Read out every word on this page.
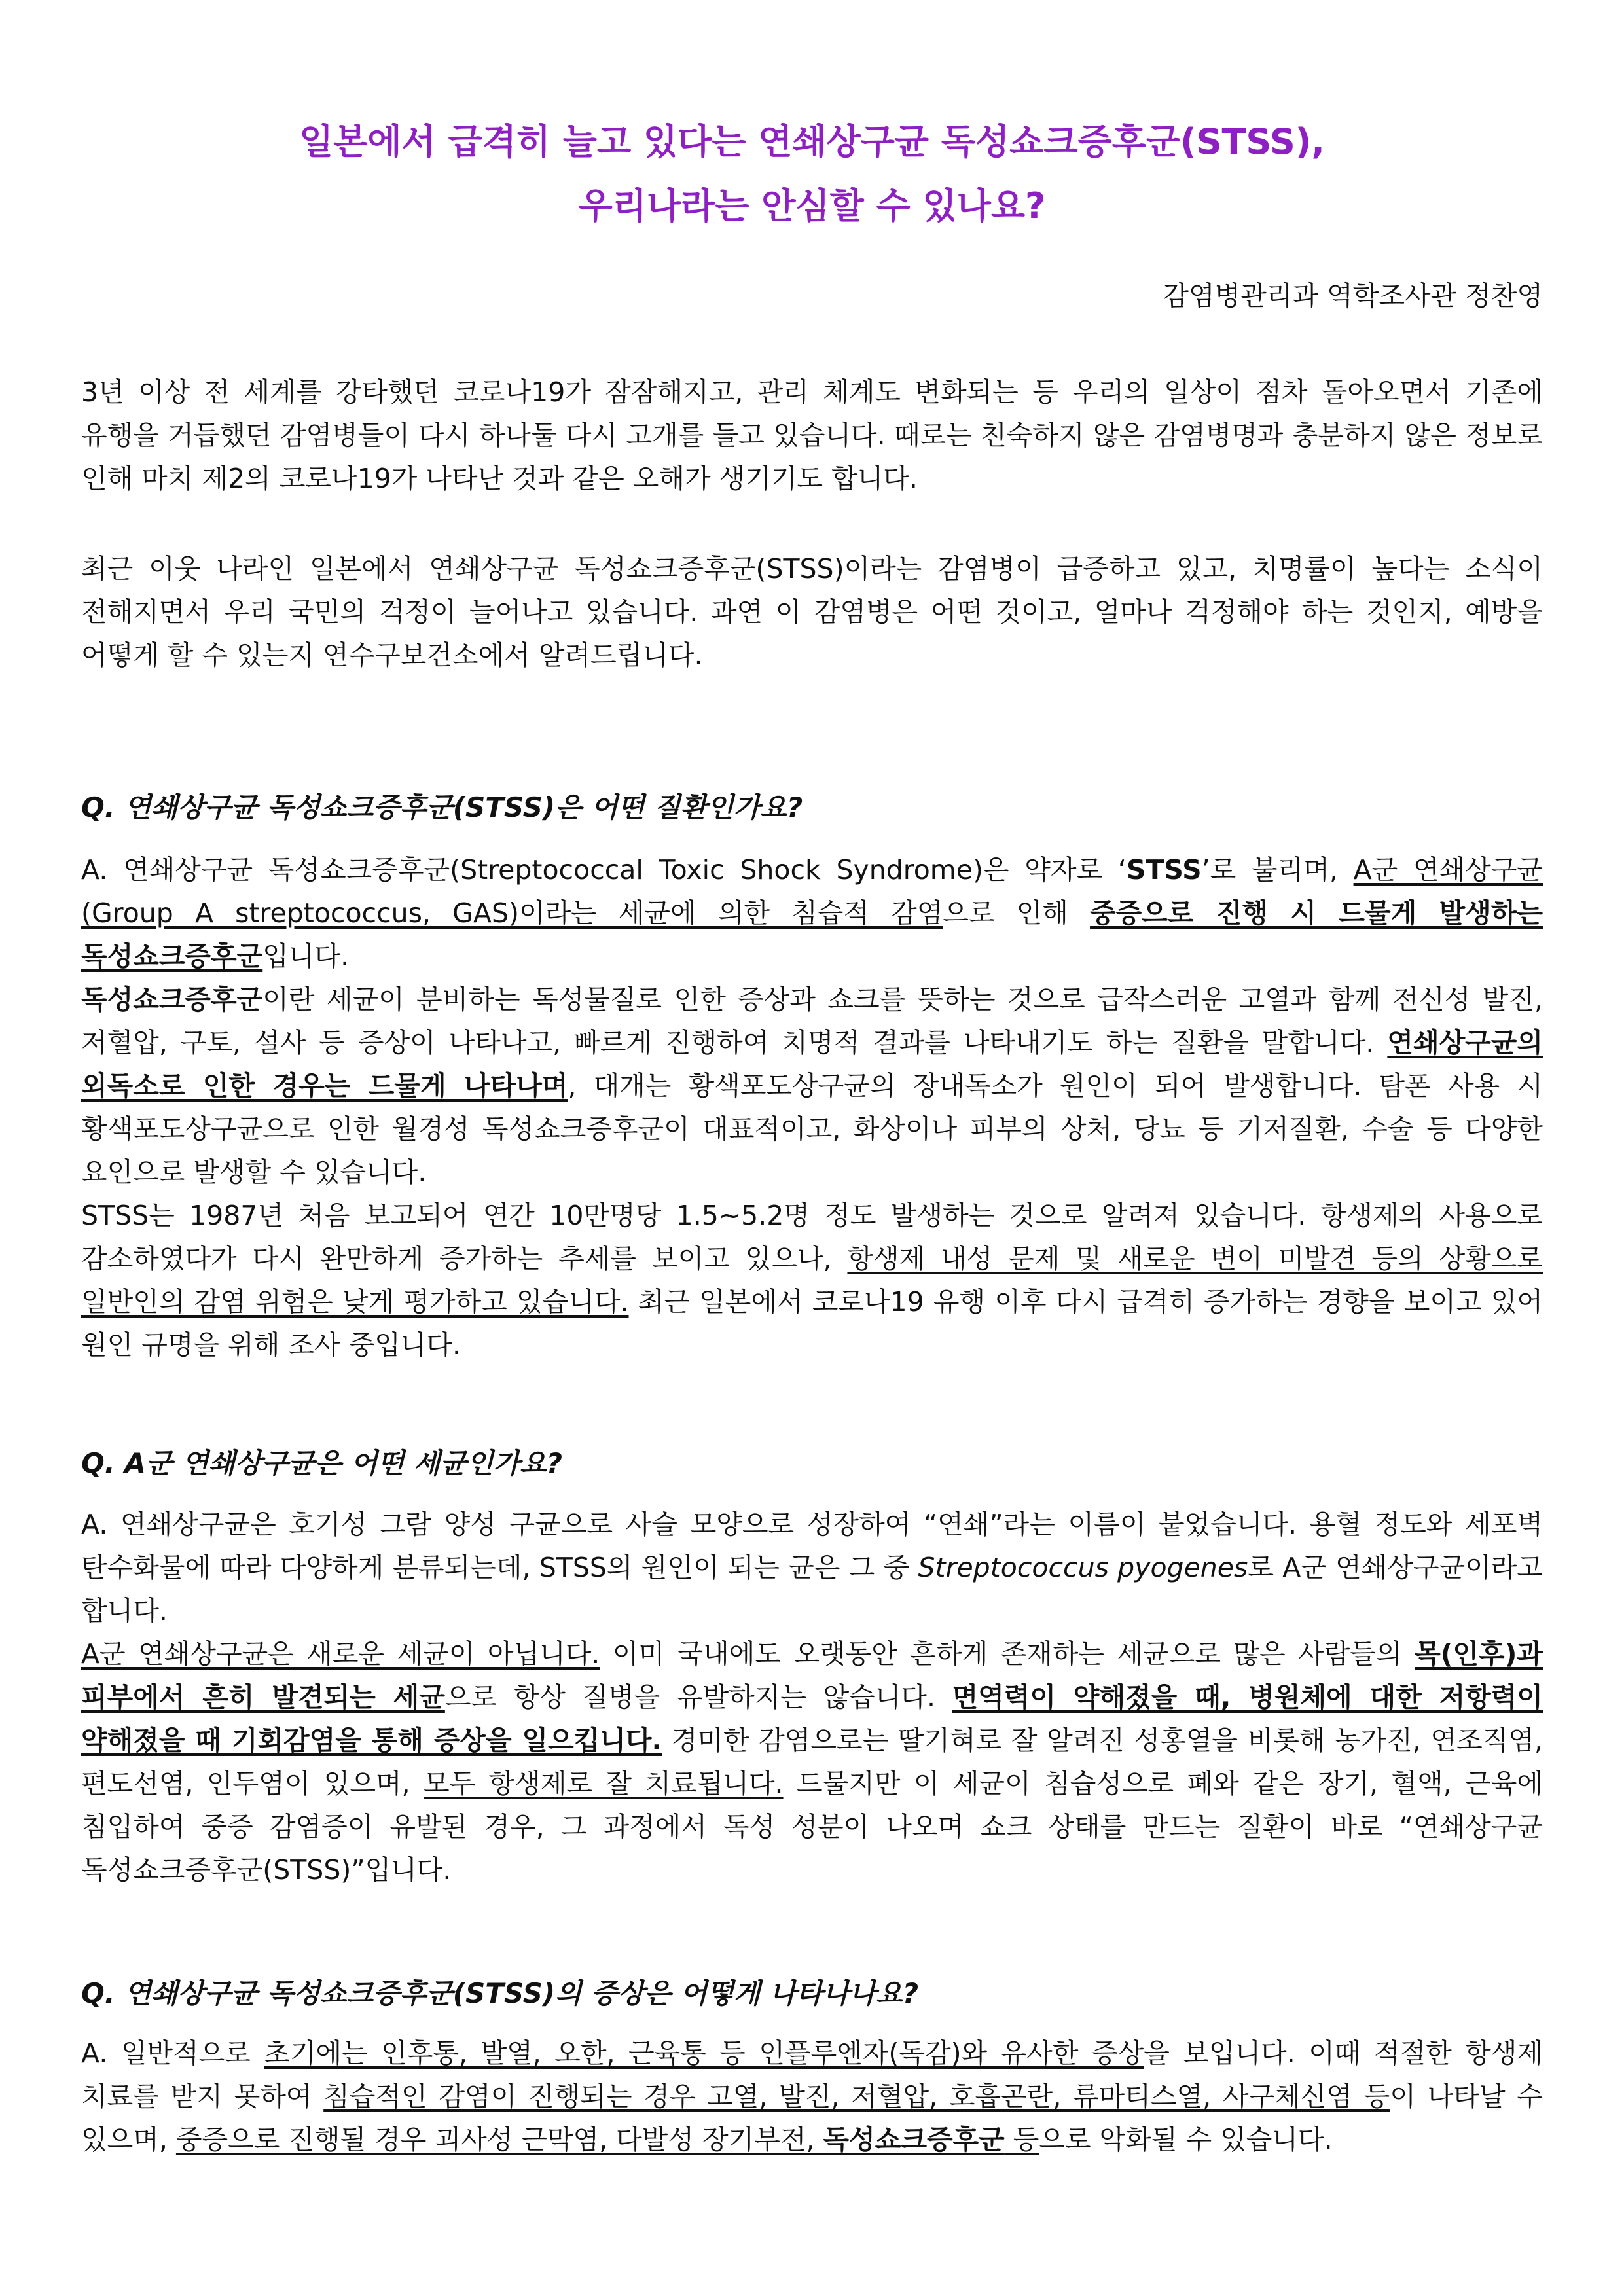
일본에서 급격히 늘고 있다는 연쇄상구균 독성쇼크증후군(STSS),
우리나라는 안심할 수 있나요?
감염병관리과 역학조사관 정찬영

3년 이상 전 세계를 강타했던 코로나19가 잠잠해지고, 관리 체계도 변화되는 등 우리의 일상이 점차 돌아오면서 기존에 유행을 거듭했던 감염병들이 다시 하나둘 다시 고개를 들고 있습니다. 때로는 친숙하지 않은 감염병명과 충분하지 않은 정보로 인해 마치 제2의 코로나19가 나타난 것과 같은 오해가 생기기도 합니다.

최근 이웃 나라인 일본에서 연쇄상구균 독성쇼크증후군(STSS)이라는 감염병이 급증하고 있고, 치명률이 높다는 소식이 전해지면서 우리 국민의 걱정이 늘어나고 있습니다. 과연 이 감염병은 어떤 것이고, 얼마나 걱정해야 하는 것인지, 예방을 어떻게 할 수 있는지 연수구보건소에서 알려드립니다.

Q. 연쇄상구균 독성쇼크증후군(STSS)은 어떤 질환인가요?

A. 연쇄상구균 독성쇼크증후군(Streptococcal Toxic Shock Syndrome)은 약자로 ‘STSS’로 불리며, A군 연쇄상구균(Group A streptococcus, GAS)이라는 세균에 의한 침습적 감염으로 인해 중증으로 진행 시 드물게 발생하는 독성쇼크증후군입니다.

독성쇼크증후군이란 세균이 분비하는 독성물질로 인한 증상과 쇼크를 뜻하는 것으로 급작스러운 고열과 함께 전신성 발진, 저혈압, 구토, 설사 등 증상이 나타나고, 빠르게 진행하여 치명적 결과를 나타내기도 하는 질환을 말합니다. 연쇄상구균의 외독소로 인한 경우는 드물게 나타나며, 대개는 황색포도상구균의 장내독소가 원인이 되어 발생합니다. 탐폰 사용 시 황색포도상구균으로 인한 월경성 독성쇼크증후군이 대표적이고, 화상이나 피부의 상처, 당뇨 등 기저질환, 수술 등 다양한 요인으로 발생할 수 있습니다.

STSS는 1987년 처음 보고되어 연간 10만명당 1.5~5.2명 정도 발생하는 것으로 알려져 있습니다. 항생제의 사용으로 감소하였다가 다시 완만하게 증가하는 추세를 보이고 있으나, 항생제 내성 문제 및 새로운 변이 미발견 등의 상황으로 일반인의 감염 위험은 낮게 평가하고 있습니다. 최근 일본에서 코로나19 유행 이후 다시 급격히 증가하는 경향을 보이고 있어 원인 규명을 위해 조사 중입니다.

Q. A군 연쇄상구균은 어떤 세균인가요?

A. 연쇄상구균은 호기성 그람 양성 구균으로 사슬 모양으로 성장하여 “연쇄”라는 이름이 붙었습니다. 용혈 정도와 세포벽 탄수화물에 따라 다양하게 분류되는데, STSS의 원인이 되는 균은 그 중 Streptococcus pyogenes로 A군 연쇄상구균이라고 합니다.

A군 연쇄상구균은 새로운 세균이 아닙니다. 이미 국내에도 오랫동안 흔하게 존재하는 세균으로 많은 사람들의 목(인후)과 피부에서 흔히 발견되는 세균으로 항상 질병을 유발하지는 않습니다. 면역력이 약해졌을 때, 병원체에 대한 저항력이 약해졌을 때 기회감염을 통해 증상을 일으킵니다. 경미한 감염으로는 딸기혀로 잘 알려진 성홍열을 비롯해 농가진, 연조직염, 편도선염, 인두염이 있으며, 모두 항생제로 잘 치료됩니다. 드물지만 이 세균이 침습성으로 폐와 같은 장기, 혈액, 근육에 침입하여 중증 감염증이 유발된 경우, 그 과정에서 독성 성분이 나오며 쇼크 상태를 만드는 질환이 바로 “연쇄상구균 독성쇼크증후군(STSS)”입니다.

Q. 연쇄상구균 독성쇼크증후군(STSS)의 증상은 어떻게 나타나나요?

A. 일반적으로 초기에는 인후통, 발열, 오한, 근육통 등 인플루엔자(독감)와 유사한 증상을 보입니다. 이때 적절한 항생제 치료를 받지 못하여 침습적인 감염이 진행되는 경우 고열, 발진, 저혈압, 호흡곤란, 류마티스열, 사구체신염 등이 나타날 수 있으며, 중증으로 진행될 경우 괴사성 근막염, 다발성 장기부전, 독성쇼크증후군 등으로 악화될 수 있습니다.
